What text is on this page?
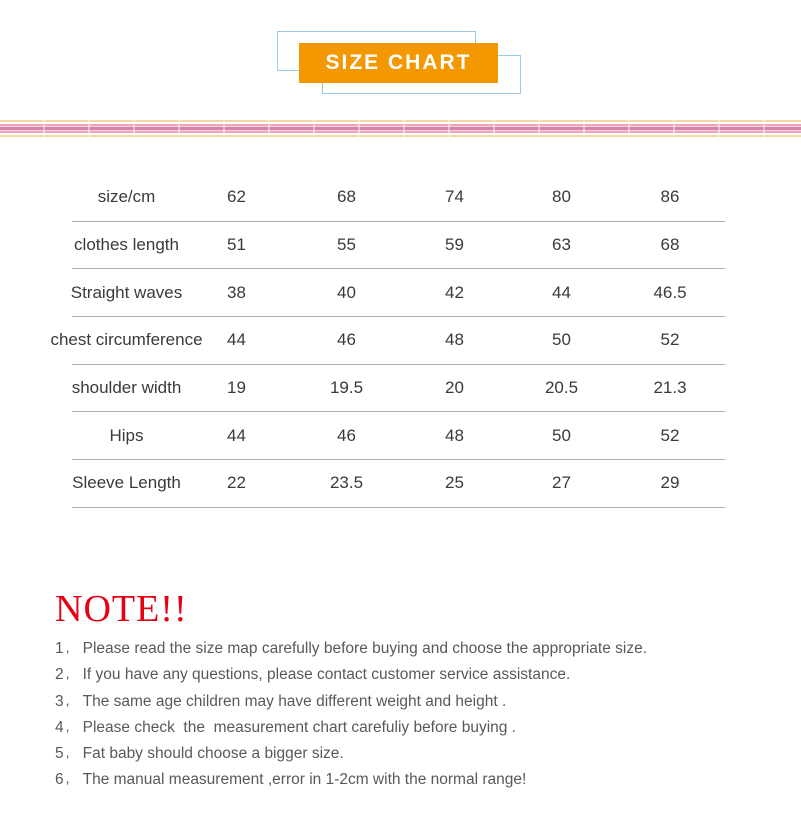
SIZE CHART
size/cm	62	68	74	80	86
clothes length	51	55	59	63	68
Straight waves	38	40	42	44	46.5
chest circumference	44	46	48	50	52
shoulder width	19	19.5	20	20.5	21.3
Hips	44	46	48	50	52
Sleeve Length	22	23.5	25	27	29
NOTE!!
1 Please read the size map carefully before buying and choose the appropriate size.
2 If you have any questions, please contact customer service assistance.
3 The same age children may have different weight and height .
4 Please check  the  measurement chart carefuliy before buying .
5 Fat baby should choose a bigger size.
6 The manual measurement ,error in 1-2cm with the normal range!
